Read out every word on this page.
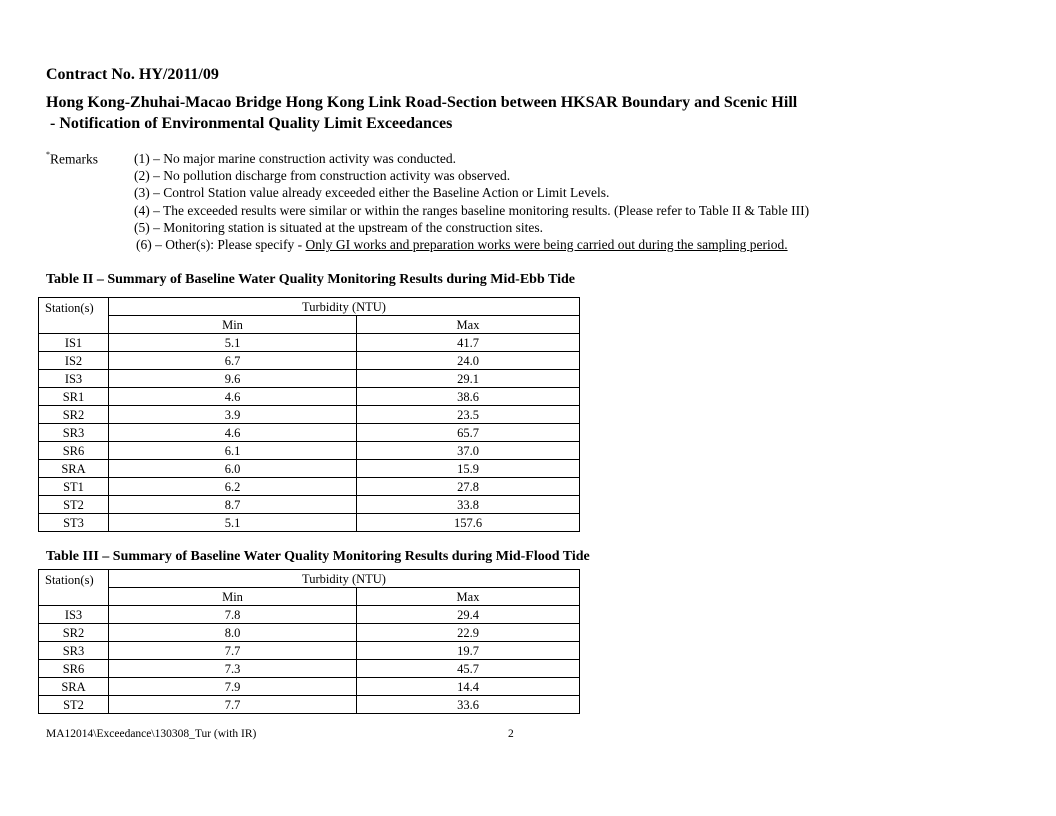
Contract No. HY/2011/09
Hong Kong-Zhuhai-Macao Bridge Hong Kong Link Road-Section between HKSAR Boundary and Scenic Hill
- Notification of Environmental Quality Limit Exceedances
*Remarks	(1) – No major marine construction activity was conducted.
(2) – No pollution discharge from construction activity was observed.
(3) – Control Station value already exceeded either the Baseline Action or Limit Levels.
(4) – The exceeded results were similar or within the ranges baseline monitoring results. (Please refer to Table II & Table III)
(5) – Monitoring station is situated at the upstream of the construction sites.
(6) – Other(s): Please specify - Only GI works and preparation works were being carried out during the sampling period.
Table II – Summary of Baseline Water Quality Monitoring Results during Mid-Ebb Tide
Station(s)	Turbidity (NTU)	
	Min	Max
IS1	5.1	41.7
IS2	6.7	24.0
IS3	9.6	29.1
SR1	4.6	38.6
SR2	3.9	23.5
SR3	4.6	65.7
SR6	6.1	37.0
SRA	6.0	15.9
ST1	6.2	27.8
ST2	8.7	33.8
ST3	5.1	157.6
Table III – Summary of Baseline Water Quality Monitoring Results during Mid-Flood Tide
Station(s)	Turbidity (NTU)	
	Min	Max
IS3	7.8	29.4
SR2	8.0	22.9
SR3	7.7	19.7
SR6	7.3	45.7
SRA	7.9	14.4
ST2	7.7	33.6
MA12014\Exceedance\130308_Tur (with IR)	2
